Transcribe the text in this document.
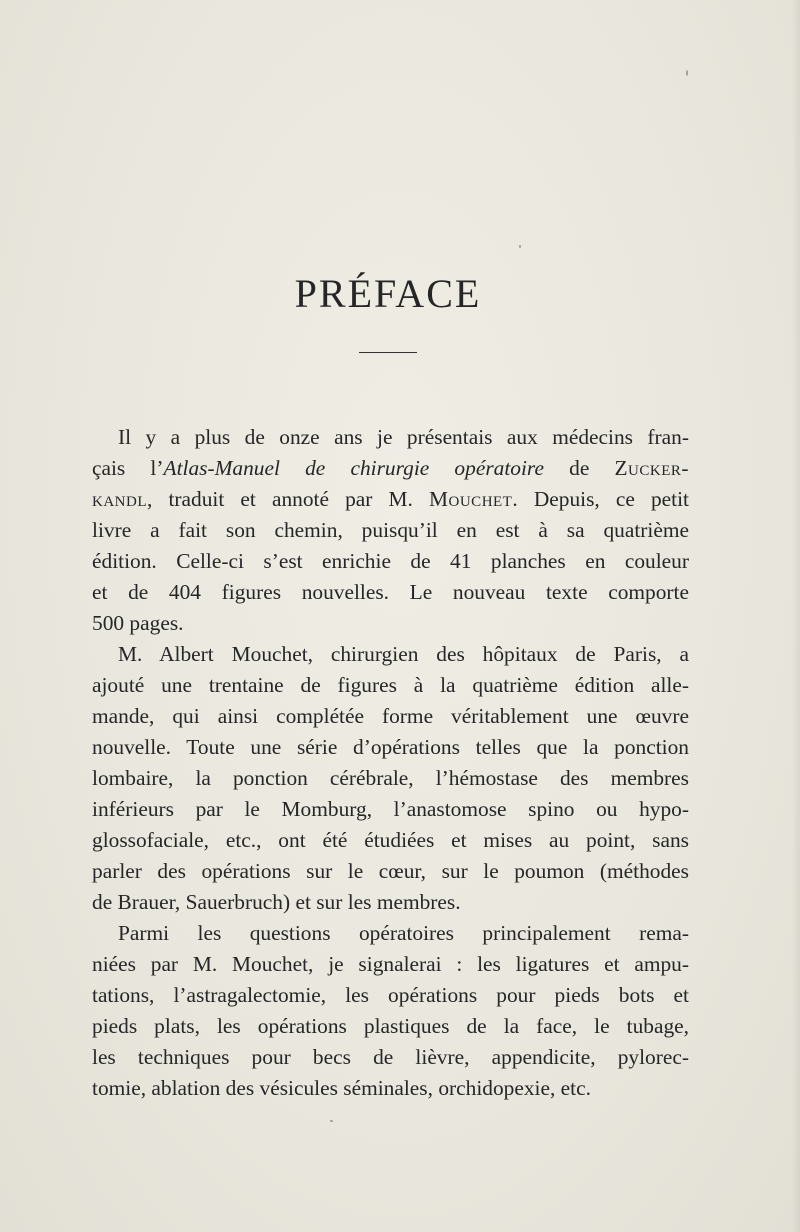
PRÉFACE
Il y a plus de onze ans je présentais aux médecins fran-
çais l’Atlas-Manuel de chirurgie opératoire de Zucker-
kandl, traduit et annoté par M. Mouchet. Depuis, ce petit
livre a fait son chemin, puisqu’il en est à sa quatrième
édition. Celle-ci s’est enrichie de 41 planches en couleur
et de 404 figures nouvelles. Le nouveau texte comporte
500 pages.
M. Albert Mouchet, chirurgien des hôpitaux de Paris, a
ajouté une trentaine de figures à la quatrième édition alle-
mande, qui ainsi complétée forme véritablement une œuvre
nouvelle. Toute une série d’opérations telles que la ponction
lombaire, la ponction cérébrale, l’hémostase des membres
inférieurs par le Momburg, l’anastomose spino ou hypo-
glossofaciale, etc., ont été étudiées et mises au point, sans
parler des opérations sur le cœur, sur le poumon (méthodes
de Brauer, Sauerbruch) et sur les membres.
Parmi les questions opératoires principalement rema-
niées par M. Mouchet, je signalerai : les ligatures et ampu-
tations, l’astragalectomie, les opérations pour pieds bots et
pieds plats, les opérations plastiques de la face, le tubage,
les techniques pour becs de lièvre, appendicite, pylorec-
tomie, ablation des vésicules séminales, orchidopexie, etc.
